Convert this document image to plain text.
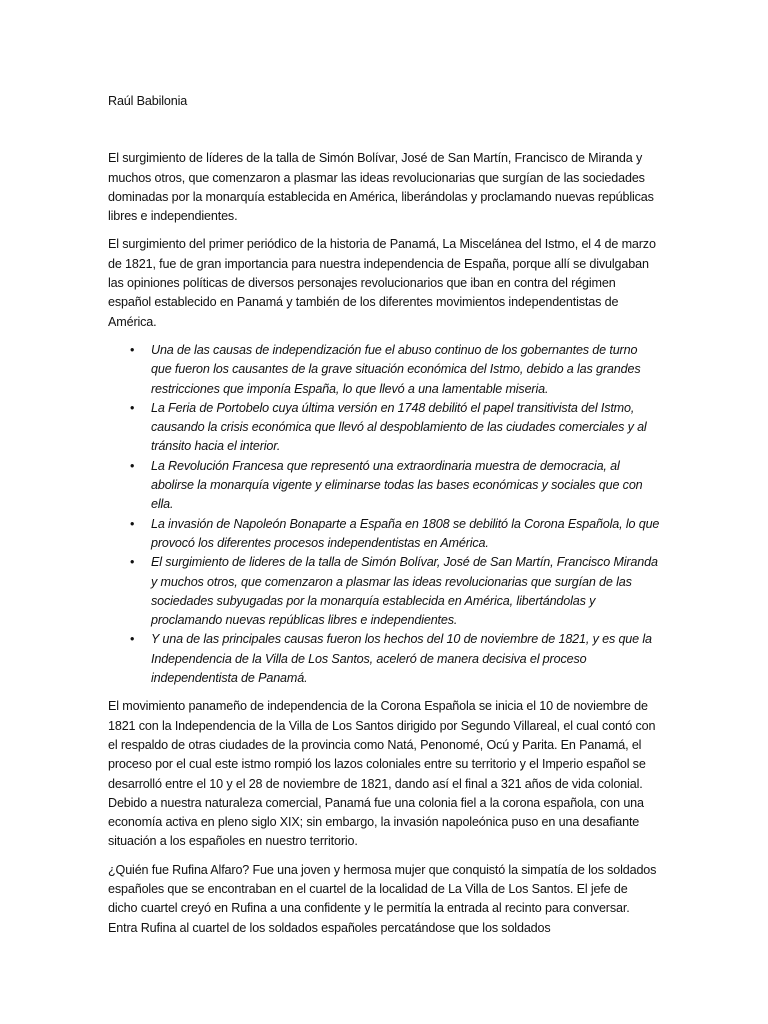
Raúl Babilonia

El surgimiento de líderes de la talla de Simón Bolívar, José de San Martín, Francisco de Miranda y muchos otros, que comenzaron a plasmar las ideas revolucionarias que surgían de las sociedades dominadas por la monarquía establecida en América, liberándolas y proclamando nuevas repúblicas libres e independientes.

El surgimiento del primer periódico de la historia de Panamá, La Miscelánea del Istmo, el 4 de marzo de 1821, fue de gran importancia para nuestra independencia de España, porque allí se divulgaban las opiniones políticas de diversos personajes revolucionarios que iban en contra del régimen español establecido en Panamá y también de los diferentes movimientos independentistas de América.

• Una de las causas de independización fue el abuso continuo de los gobernantes de turno que fueron los causantes de la grave situación económica del Istmo, debido a las grandes restricciones que imponía España, lo que llevó a una lamentable miseria.
• La Feria de Portobelo cuya última versión en 1748 debilitó el papel transitivista del Istmo, causando la crisis económica que llevó al despoblamiento de las ciudades comerciales y al tránsito hacia el interior.
• La Revolución Francesa que representó una extraordinaria muestra de democracia, al abolirse la monarquía vigente y eliminarse todas las bases económicas y sociales que con ella.
• La invasión de Napoleón Bonaparte a España en 1808 se debilitó la Corona Española, lo que provocó los diferentes procesos independentistas en América.
• El surgimiento de lideres de la talla de Simón Bolívar, José de San Martín, Francisco Miranda y muchos otros, que comenzaron a plasmar las ideas revolucionarias que surgían de las sociedades subyugadas por la monarquía establecida en América, libertándolas y proclamando nuevas repúblicas libres e independientes.
• Y una de las principales causas fueron los hechos del 10 de noviembre de 1821, y es que la Independencia de la Villa de Los Santos, aceleró de manera decisiva el proceso independentista de Panamá.

El movimiento panameño de independencia de la Corona Española se inicia el 10 de noviembre de 1821 con la Independencia de la Villa de Los Santos dirigido por Segundo Villareal, el cual contó con el respaldo de otras ciudades de la provincia como Natá, Penonomé, Ocú y Parita. En Panamá, el proceso por el cual este istmo rompió los lazos coloniales entre su territorio y el Imperio español se desarrolló entre el 10 y el 28 de noviembre de 1821, dando así el final a 321 años de vida colonial. Debido a nuestra naturaleza comercial, Panamá fue una colonia fiel a la corona española, con una economía activa en pleno siglo XIX; sin embargo, la invasión napoleónica puso en una desafiante situación a los españoles en nuestro territorio.

¿Quién fue Rufina Alfaro? Fue una joven y hermosa mujer que conquistó la simpatía de los soldados españoles que se encontraban en el cuartel de la localidad de La Villa de Los Santos. El jefe de dicho cuartel creyó en Rufina a una confidente y le permitía la entrada al recinto para conversar. Entra Rufina al cuartel de los soldados españoles percatándose que los soldados
